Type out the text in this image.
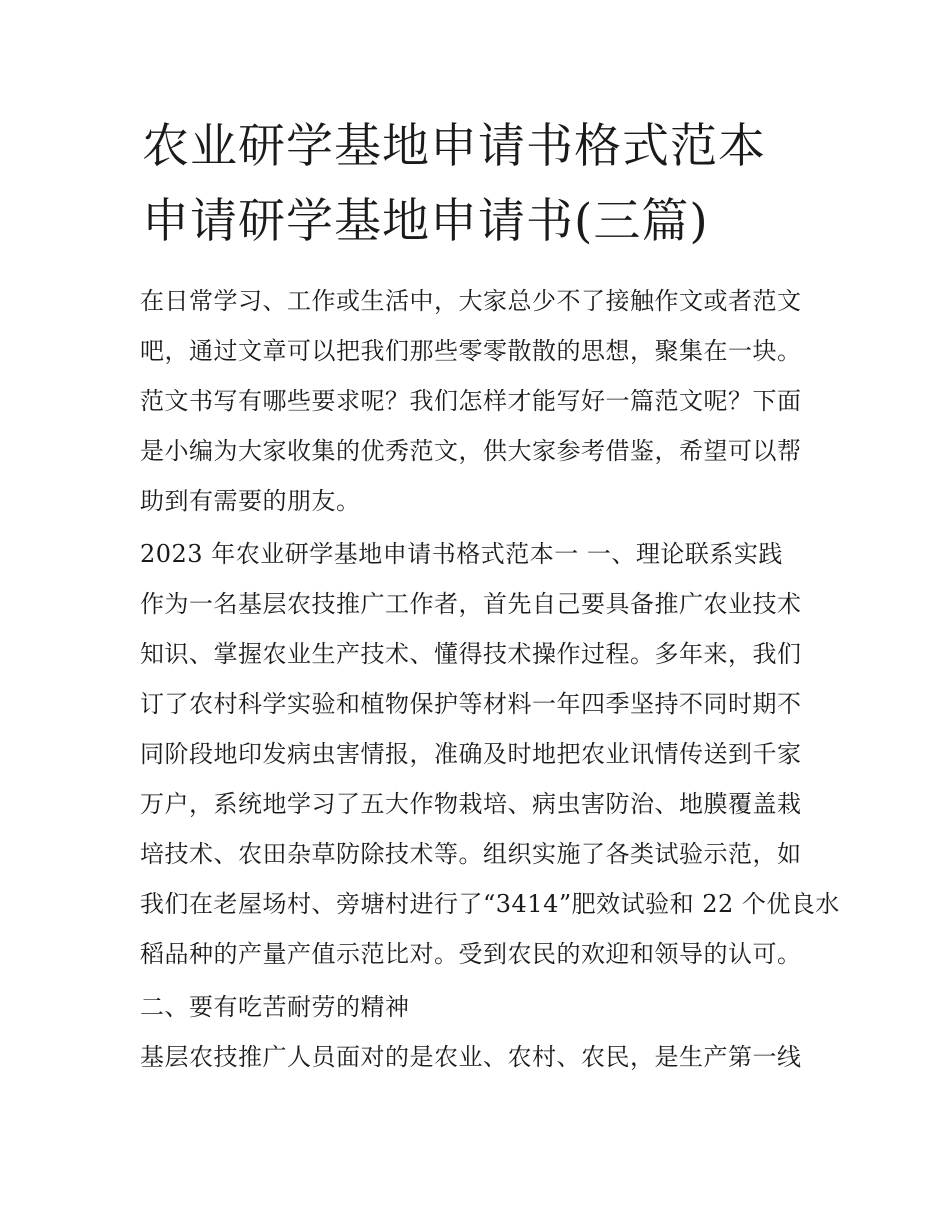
农业研学基地申请书格式范本
申请研学基地申请书(三篇)
在日常学习、工作或生活中，大家总少不了接触作文或者范文
吧，通过文章可以把我们那些零零散散的思想，聚集在一块。
范文书写有哪些要求呢？我们怎样才能写好一篇范文呢？下面
是小编为大家收集的优秀范文，供大家参考借鉴，希望可以帮
助到有需要的朋友。
2023 年农业研学基地申请书格式范本一 一、理论联系实践
作为一名基层农技推广工作者，首先自己要具备推广农业技术
知识、掌握农业生产技术、懂得技术操作过程。多年来，我们
订了农村科学实验和植物保护等材料一年四季坚持不同时期不
同阶段地印发病虫害情报，准确及时地把农业讯情传送到千家
万户，系统地学习了五大作物栽培、病虫害防治、地膜覆盖栽
培技术、农田杂草防除技术等。组织实施了各类试验示范，如
我们在老屋场村、旁塘村进行了“3414”肥效试验和 22 个优良水
稻品种的产量产值示范比对。受到农民的欢迎和领导的认可。
二、要有吃苦耐劳的精神
基层农技推广人员面对的是农业、农村、农民，是生产第一线
